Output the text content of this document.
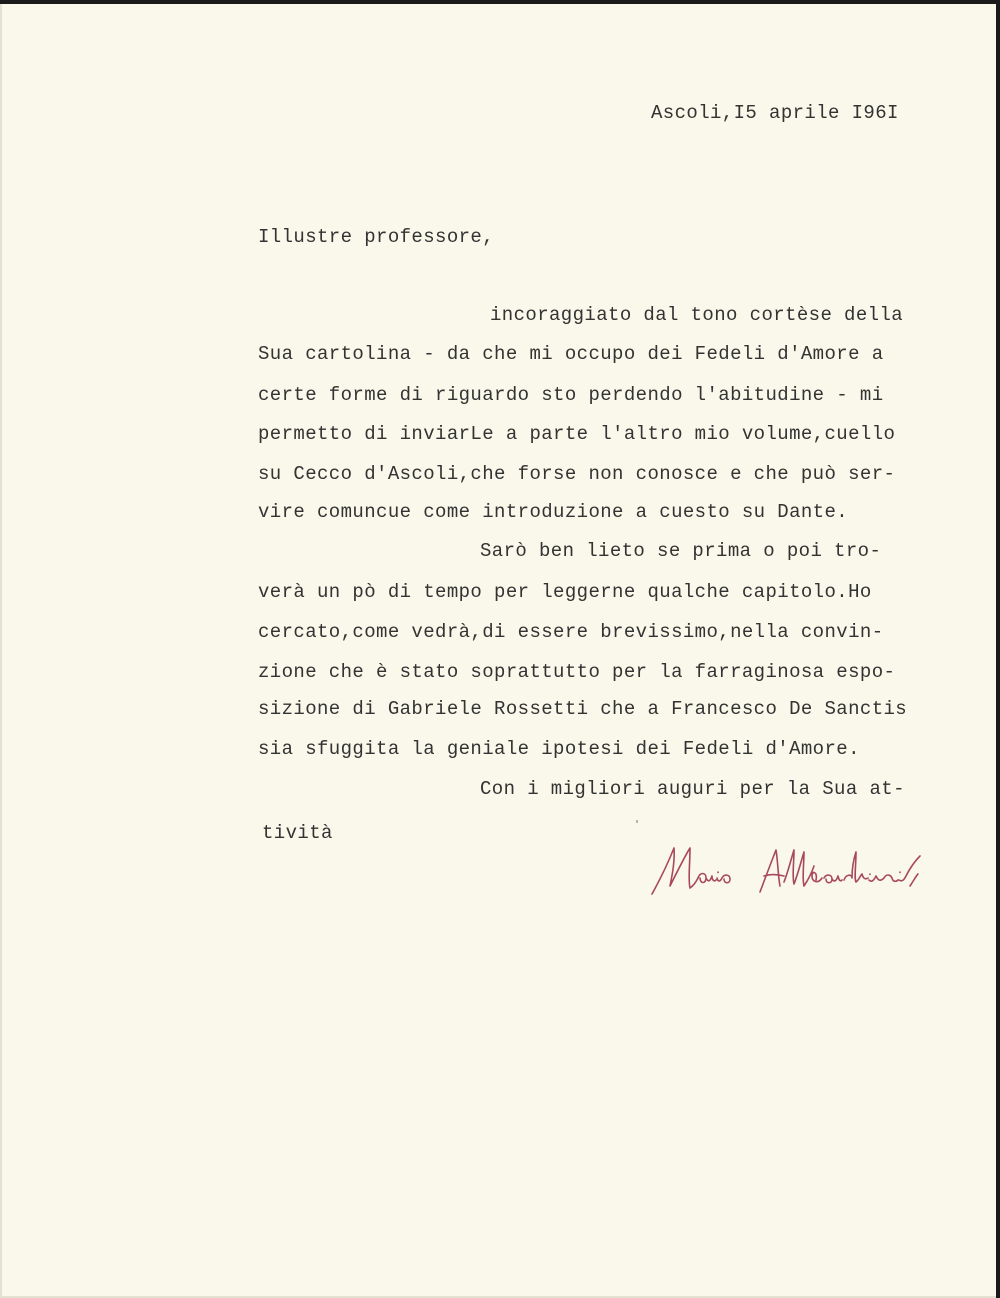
Ascoli,I5 aprile I96I
Illustre professore,
incoraggiato dal tono cortèse della
Sua cartolina - da che mi occupo dei Fedeli d'Amore a
certe forme di riguardo sto perdendo l'abitudine - mi
permetto di inviarLe a parte l'altro mio volume,cuello
su Cecco d'Ascoli,che forse non conosce e che può ser-
vire comuncue come introduzione a cuesto su Dante.
Sarò ben lieto se prima o poi tro-
verà un pò di tempo per leggerne qualche capitolo.Ho
cercato,come vedrà,di essere brevissimo,nella convin-
zione che è stato soprattutto per la farraginosa espo-
sizione di Gabriele Rossetti che a Francesco De Sanctis
sia sfuggita la geniale ipotesi dei Fedeli d'Amore.
Con i migliori auguri per la Sua at-
tività
